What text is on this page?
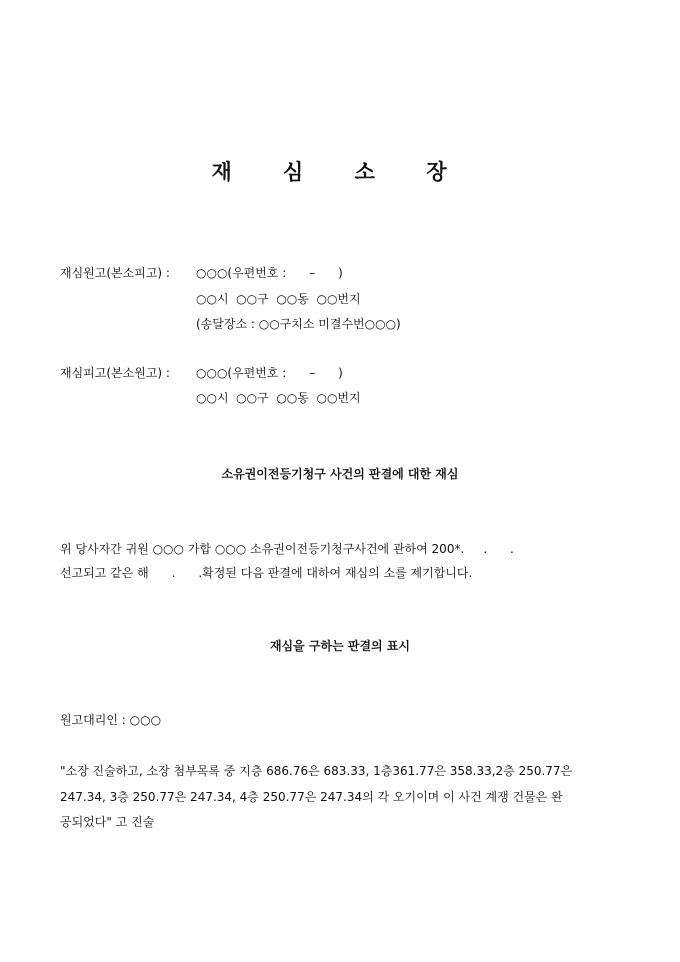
재 심 소 장
재심원고(본소피고) : ○○○(우편번호 :      –      )
○○시  ○○구  ○○동  ○○번지
(송달장소 : ○○구치소 미결수번○○○)
재심피고(본소원고) : ○○○(우편번호 :      –      )
○○시  ○○구  ○○동  ○○번지
소유권이전등기청구 사건의 판결에 대한 재심
위 당사자간 귀원 ○○○ 가합 ○○○ 소유권이전등기청구사건에 관하여 200*.     .      .
선고되고 같은 해      .      .확정된 다음 판결에 대하여 재심의 소를 제기합니다.
재심을 구하는 판결의 표시
원고대리인 : ○○○
"소장 진술하고, 소장 첨부목록 중 지층 686.76은 683.33, 1층361.77은 358.33,2층 250.77은
247.34, 3층 250.77은 247.34, 4층 250.77은 247.34의 각 오기이며 이 사건 계쟁 건물은 완
공되었다" 고 진술
